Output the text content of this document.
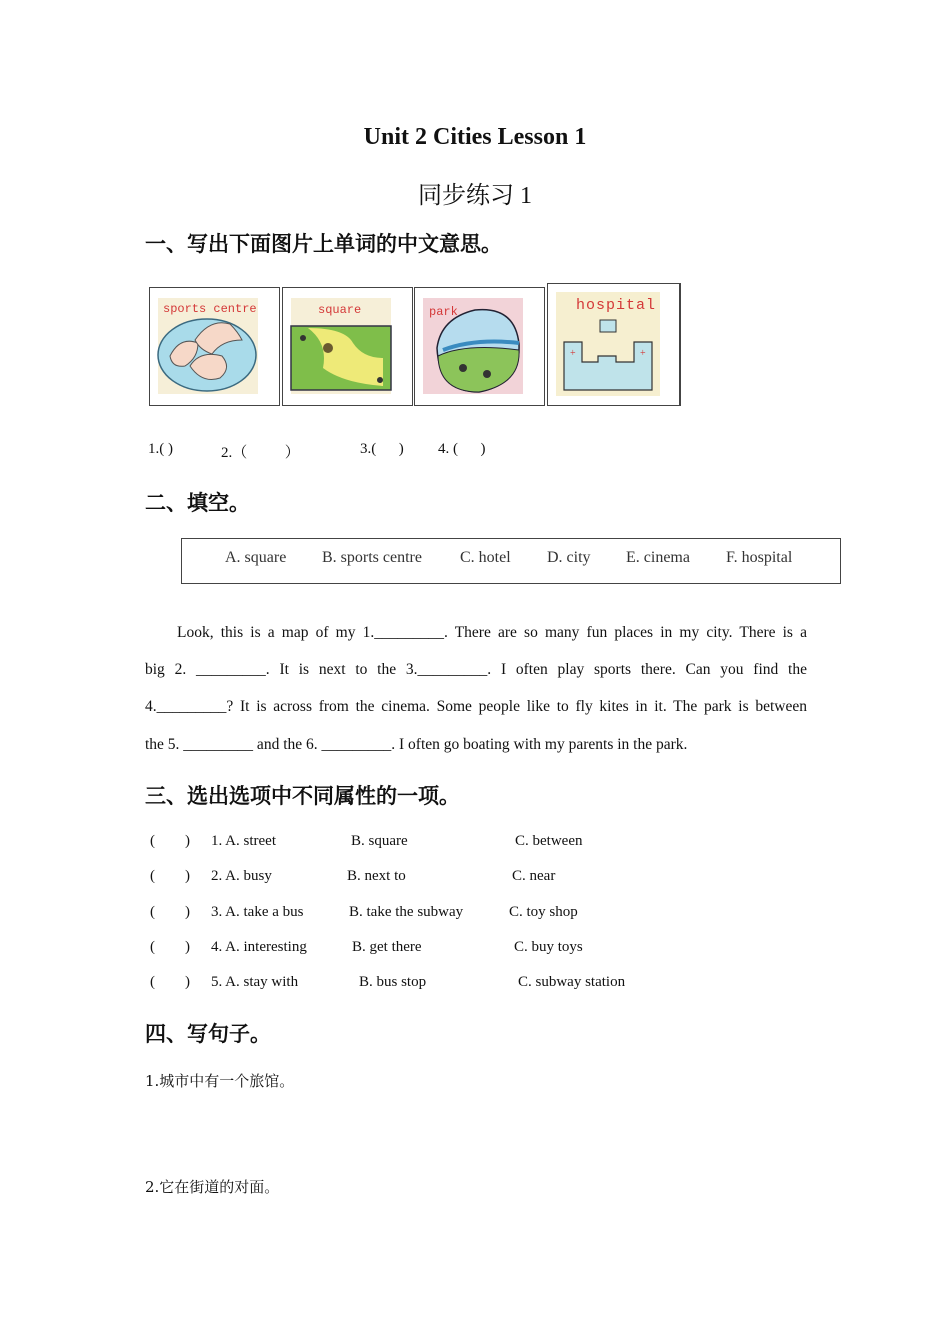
Unit 2 Cities Lesson 1
同步练习 1
一、写出下面图片上单词的中文意思。
sports centre	square	park	hospital
+	+
1.( )	2.（          ）	3.(      ) 4. (      )
二、填空。
A. square B. sports centre C. hotel D. city E. cinema F. hospital
Look, this is a map of my 1._________. There are so many fun places in my city. There is a
big 2. _________. It is next to the 3._________. I often play sports there. Can you find the
4._________? It is across from the cinema. Some people like to fly kites in it. The park is between
the 5. _________ and the 6. _________. I often go boating with my parents in the park.
三、选出选项中不同属性的一项。
(        ) 1. A. street	B. square	C. between
(        ) 2. A. busy	B. next to	C. near
(        ) 3. A. take a bus	B. take the subway	C. toy shop
(        ) 4. A. interesting	B. get there	C. buy toys
(        ) 5. A. stay with	B. bus stop	C. subway station
四、写句子。
1.城市中有一个旅馆。
2.它在街道的对面。
